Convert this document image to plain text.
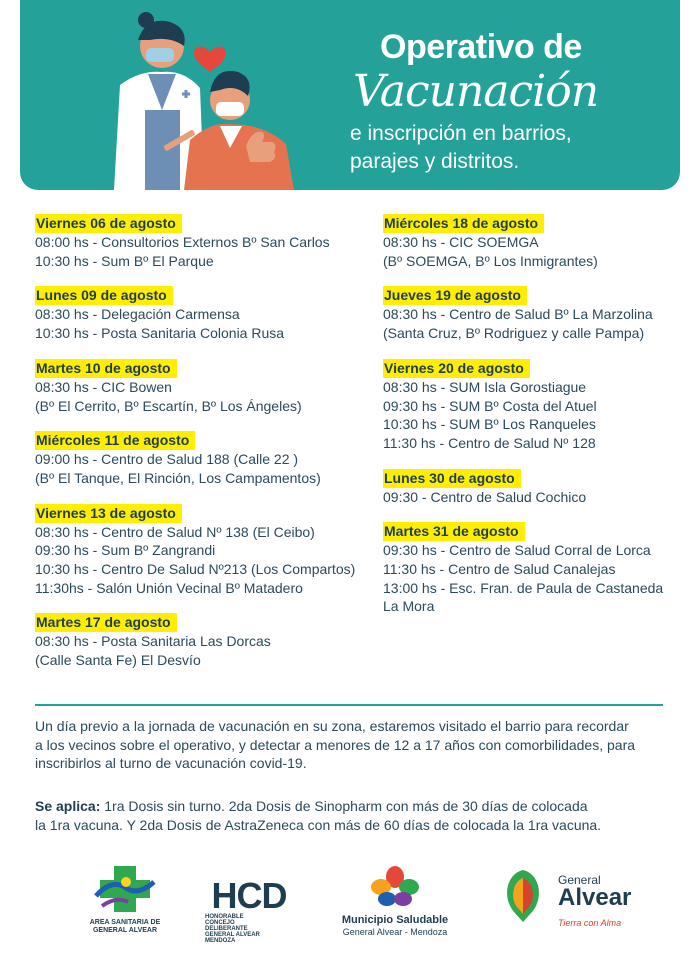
Operativo de
Vacunación
e inscripción en barrios,
parajes y distritos.
Viernes 06 de agosto
08:00 hs - Consultorios Externos Bº San Carlos
10:30 hs - Sum Bº El Parque
Lunes 09 de agosto
08:30 hs - Delegación Carmensa
10:30 hs - Posta Sanitaria Colonia Rusa
Martes 10 de agosto
08:30 hs - CIC Bowen
(Bº El Cerrito, Bº Escartín, Bº Los Ángeles)
Miércoles 11 de agosto
09:00 hs - Centro de Salud 188 (Calle 22 )
(Bº El Tanque, El Rinción, Los Campamentos)
Viernes 13 de agosto
08:30 hs - Centro de Salud Nº 138 (El Ceibo)
09:30 hs - Sum Bº Zangrandi
10:30 hs - Centro De Salud Nº213 (Los Compartos)
11:30hs - Salón Unión Vecinal Bº Matadero
Martes 17 de agosto
08:30 hs - Posta Sanitaria Las Dorcas
(Calle Santa Fe) El Desvío
Miércoles 18 de agosto
08:30 hs - CIC SOEMGA
(Bº SOEMGA, Bº Los Inmigrantes)
Jueves 19 de agosto
08:30 hs - Centro de Salud Bº La Marzolina
(Santa Cruz, Bº Rodriguez y calle Pampa)
Viernes 20 de agosto
08:30 hs - SUM Isla Gorostiague
09:30 hs - SUM Bº Costa del Atuel
10:30 hs - SUM Bº Los Ranqueles
11:30 hs - Centro de Salud Nº 128
Lunes 30 de agosto
09:30 - Centro de Salud Cochico
Martes 31 de agosto
09:30 hs - Centro de Salud Corral de Lorca
11:30 hs - Centro de Salud Canalejas
13:00 hs - Esc. Fran. de Paula de Castaneda
La Mora
Un día previo a la jornada de vacunación en su zona, estaremos visitado el barrio para recordar
a los vecinos sobre el operativo, y detectar a menores de 12 a 17 años con comorbilidades, para
inscribirlos al turno de vacunación covid-19.
Se aplica: 1ra Dosis sin turno. 2da Dosis de Sinopharm con más de 30 días de colocada
la 1ra vacuna. Y 2da Dosis de AstraZeneca con más de 60 días de colocada la 1ra vacuna.
AREA SANITARIA DE
GENERAL ALVEAR
HCD
HONORABLE
CONCEJO
DELIBERANTE
GENERAL ALVEAR
MENDOZA
Municipio Saludable
General Alvear - Mendoza
General
Alvear
Tierra con Alma
